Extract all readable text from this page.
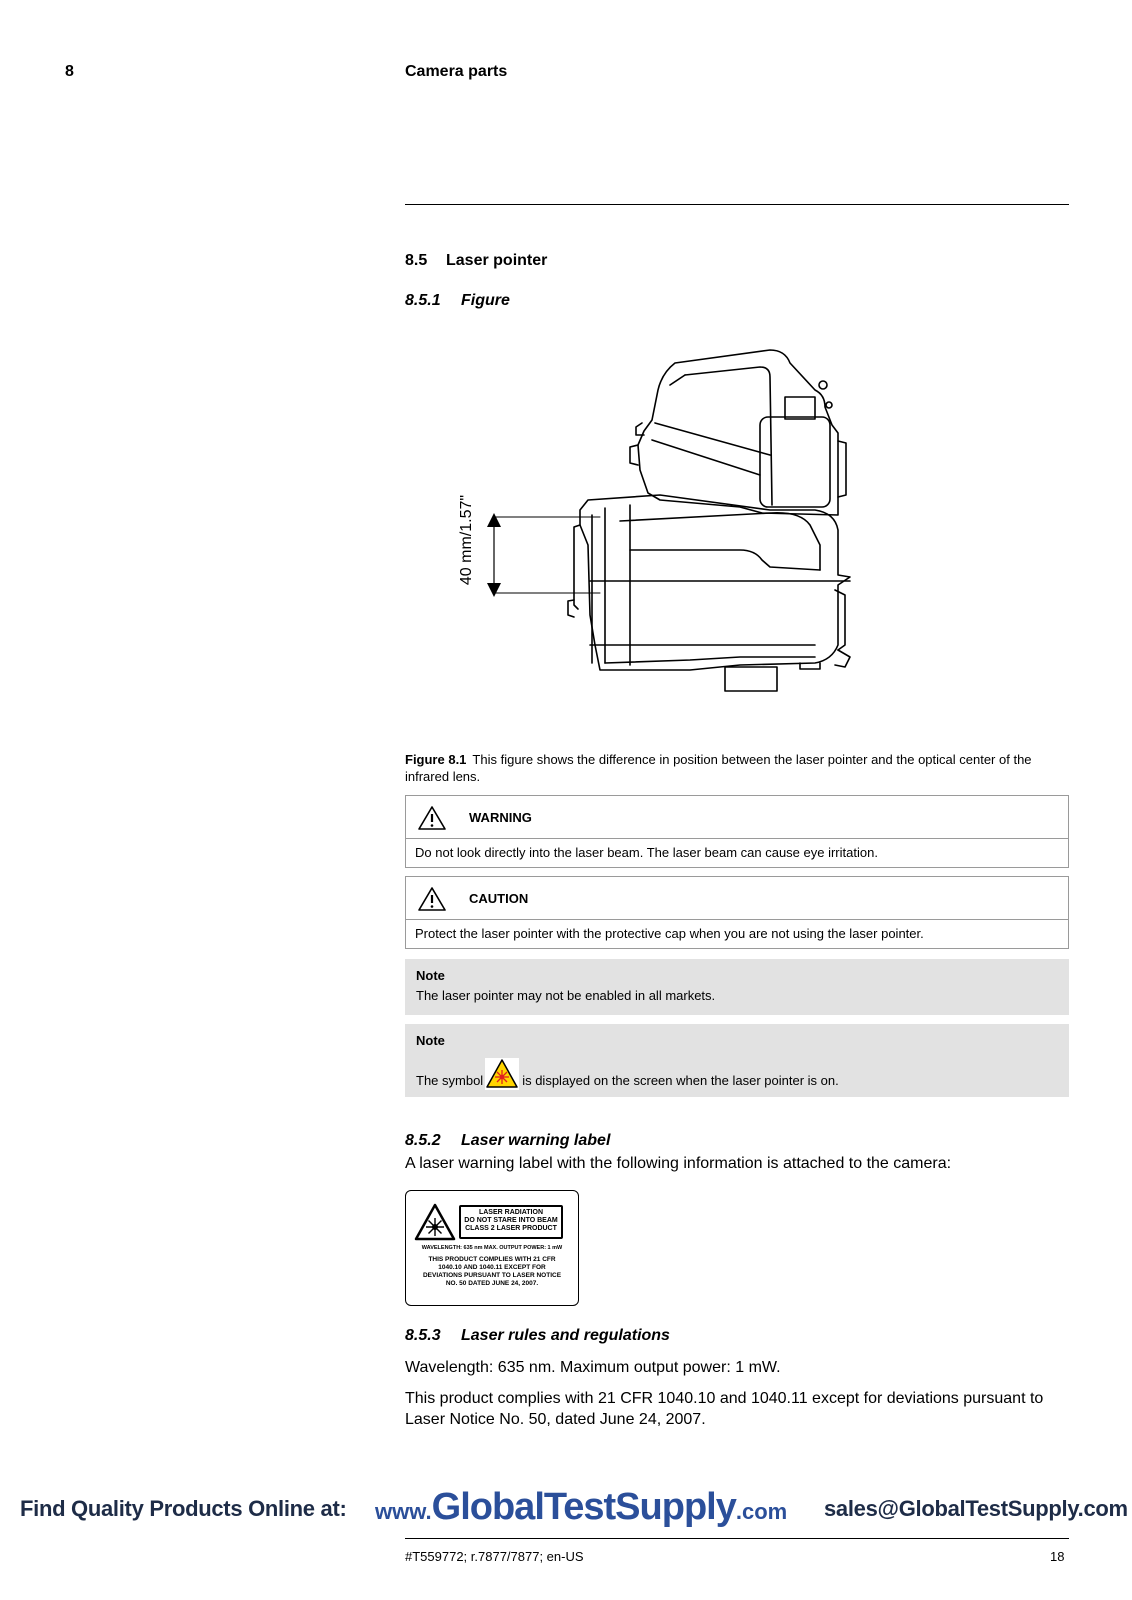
8	Camera parts
8.5 Laser pointer
8.5.1 Figure
40 mm/1.57"
Figure 8.1 This figure shows the difference in position between the laser pointer and the optical center of the infrared lens.
WARNING
Do not look directly into the laser beam. The laser beam can cause eye irritation.
CAUTION
Protect the laser pointer with the protective cap when you are not using the laser pointer.
Note
The laser pointer may not be enabled in all markets.
Note
The symbol	is displayed on the screen when the laser pointer is on.
8.5.2 Laser warning label
A laser warning label with the following information is attached to the camera:
LASER RADIATION
DO NOT STARE INTO BEAM
CLASS 2 LASER PRODUCT
WAVELENGTH: 635 nm MAX. OUTPUT POWER: 1 mW
THIS PRODUCT COMPLIES WITH 21 CFR
1040.10 AND 1040.11 EXCEPT FOR
DEVIATIONS PURSUANT TO LASER NOTICE
NO. 50 DATED JUNE 24, 2007.
8.5.3 Laser rules and regulations
Wavelength: 635 nm. Maximum output power: 1 mW.
This product complies with 21 CFR 1040.10 and 1040.11 except for deviations pursuant to Laser Notice No. 50, dated June 24, 2007.
Find Quality Products Online at: www.GlobalTestSupply.com sales@GlobalTestSupply.com
#T559772; r.7877/7877; en-US	18
